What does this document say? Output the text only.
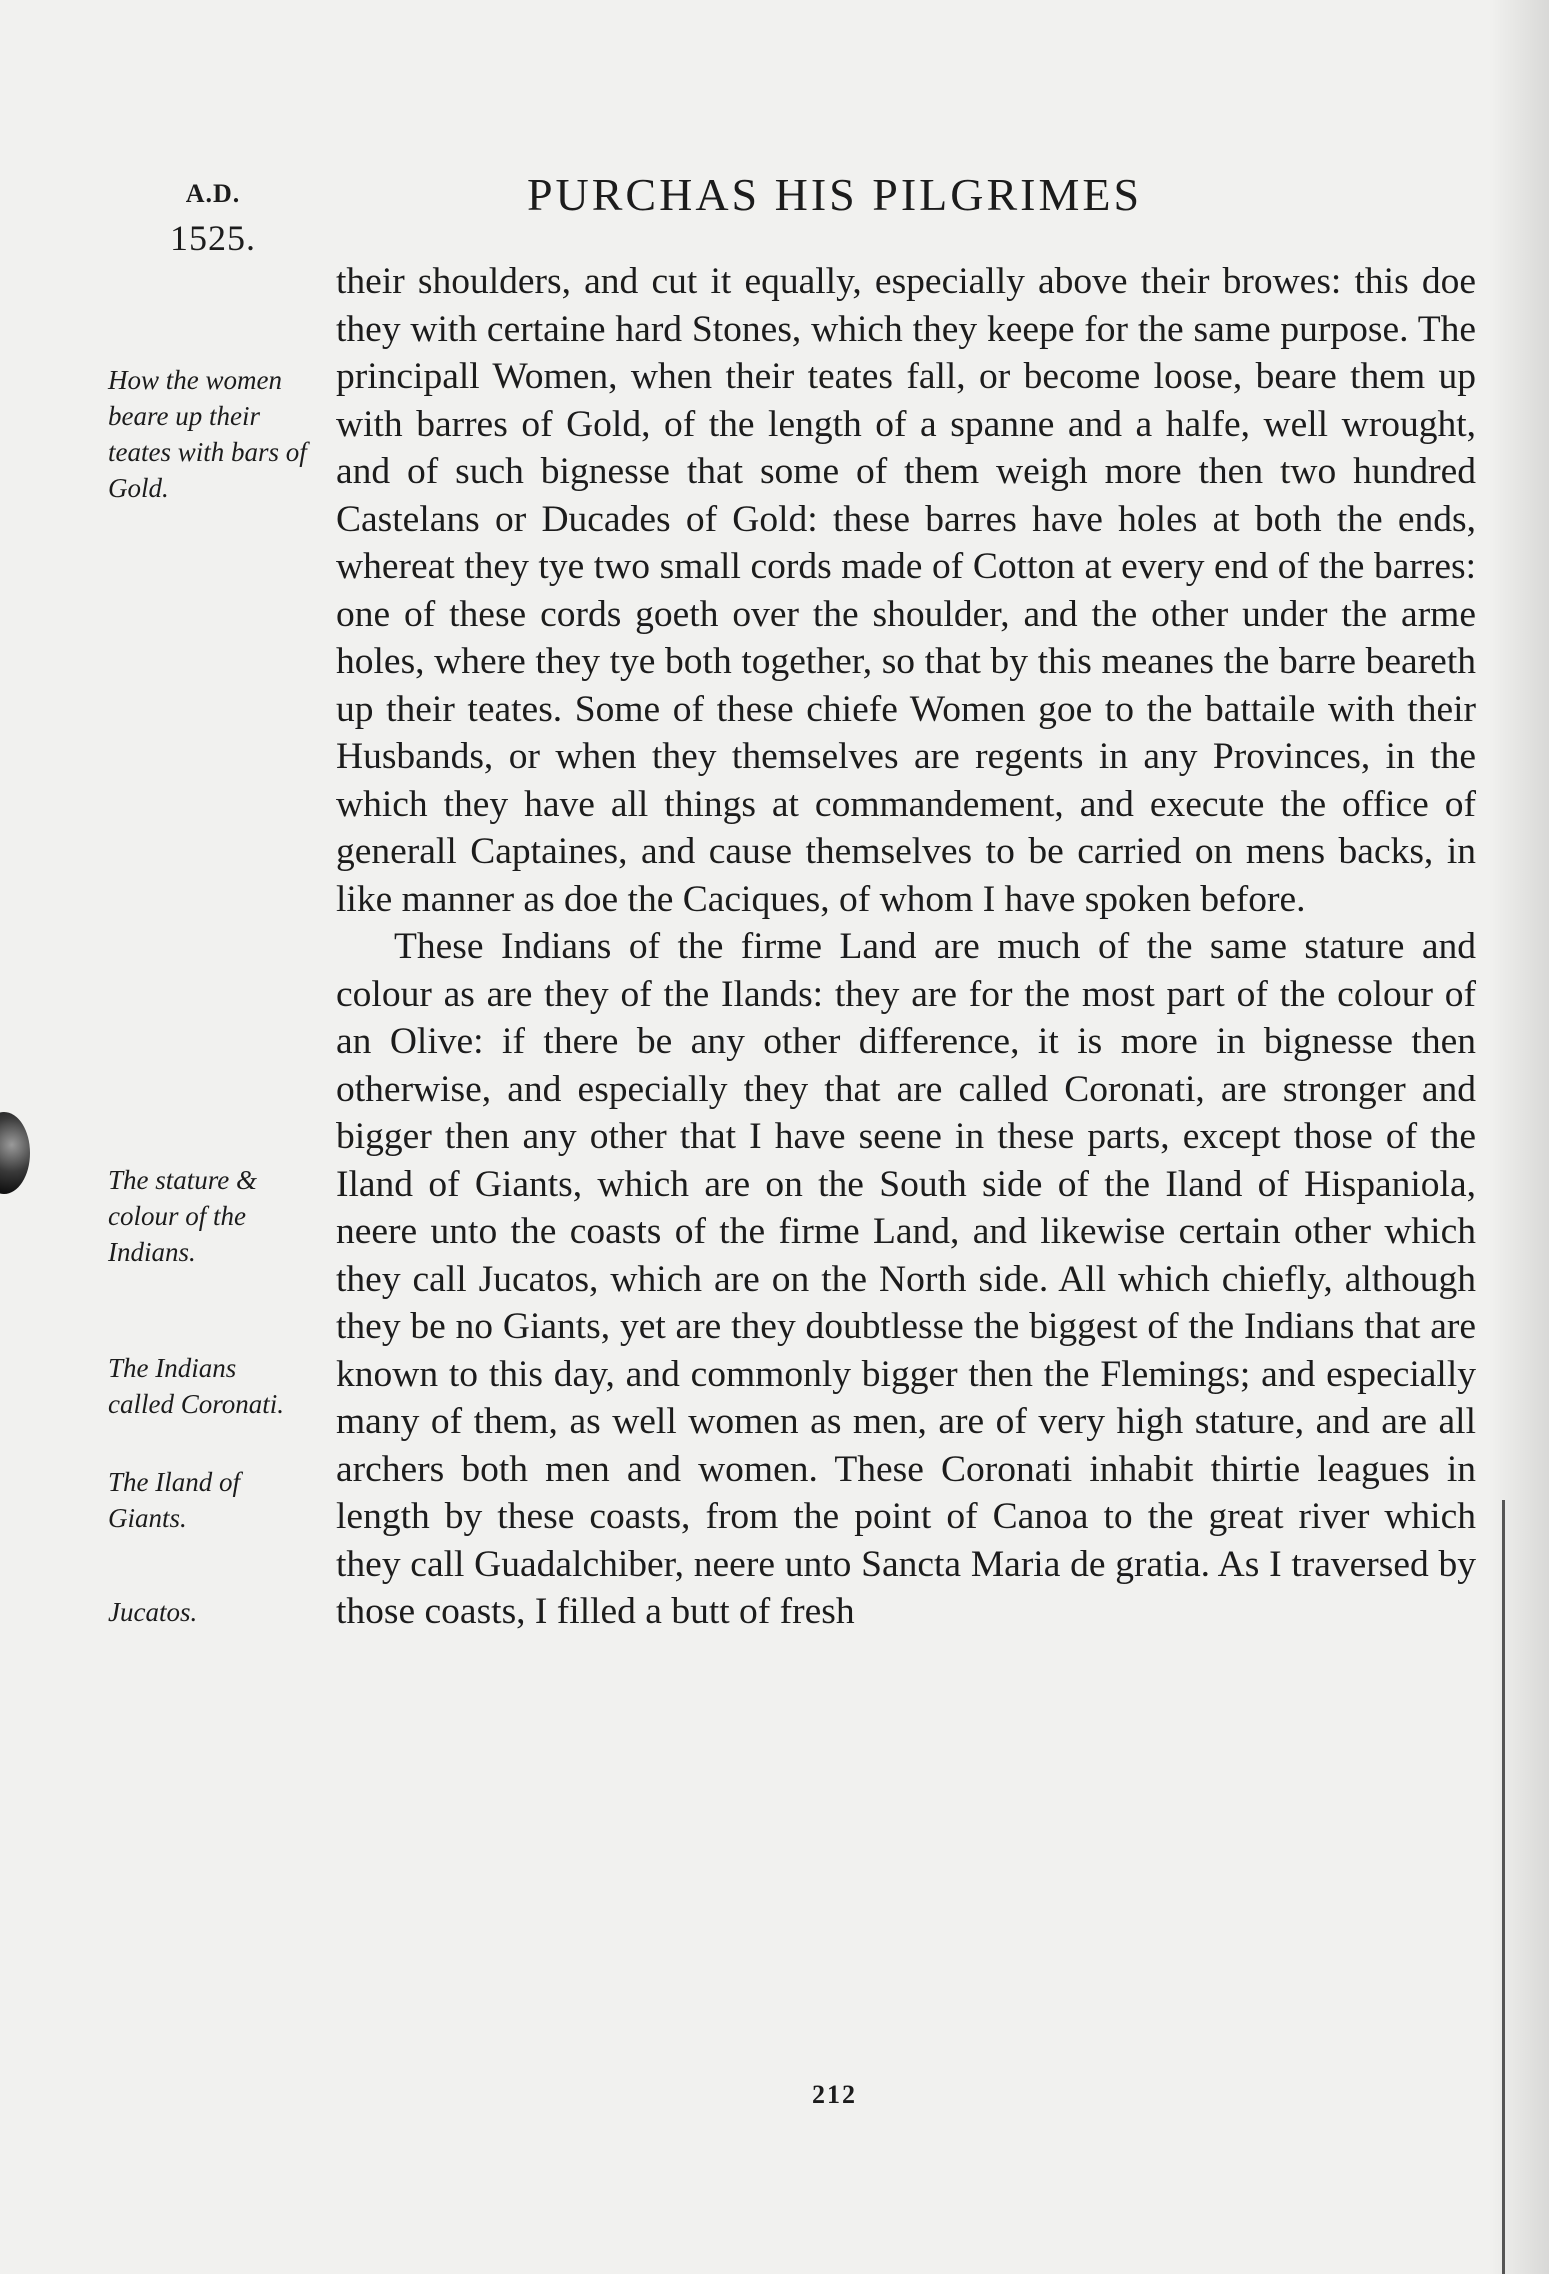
A.D.
1525.
PURCHAS HIS PILGRIMES
How the women beare up their teates with bars of Gold.
The stature & colour of the Indians.
The Indians called Coronati.
The Iland of Giants.
Jucatos.

their shoulders, and cut it equally, especially above their browes: this doe they with certaine hard Stones, which they keepe for the same purpose. The principall Women, when their teates fall, or become loose, beare them up with barres of Gold, of the length of a spanne and a halfe, well wrought, and of such bignesse that some of them weigh more then two hundred Castelans or Ducades of Gold: these barres have holes at both the ends, whereat they tye two small cords made of Cotton at every end of the barres: one of these cords goeth over the shoulder, and the other under the arme holes, where they tye both together, so that by this meanes the barre beareth up their teates. Some of these chiefe Women goe to the battaile with their Husbands, or when they themselves are regents in any Provinces, in the which they have all things at commandement, and execute the office of generall Captaines, and cause themselves to be carried on mens backs, in like manner as doe the Caciques, of whom I have spoken before.

These Indians of the firme Land are much of the same stature and colour as are they of the Ilands: they are for the most part of the colour of an Olive: if there be any other difference, it is more in bignesse then otherwise, and especially they that are called Coronati, are stronger and bigger then any other that I have seene in these parts, except those of the Iland of Giants, which are on the South side of the Iland of Hispaniola, neere unto the coasts of the firme Land, and likewise certain other which they call Jucatos, which are on the North side. All which chiefly, although they be no Giants, yet are they doubtlesse the biggest of the Indians that are known to this day, and commonly bigger then the Flemings; and especially many of them, as well women as men, are of very high stature, and are all archers both men and women. These Coronati inhabit thirtie leagues in length by these coasts, from the point of Canoa to the great river which they call Guadalchiber, neere unto Sancta Maria de gratia. As I traversed by those coasts, I filled a butt of fresh

212
